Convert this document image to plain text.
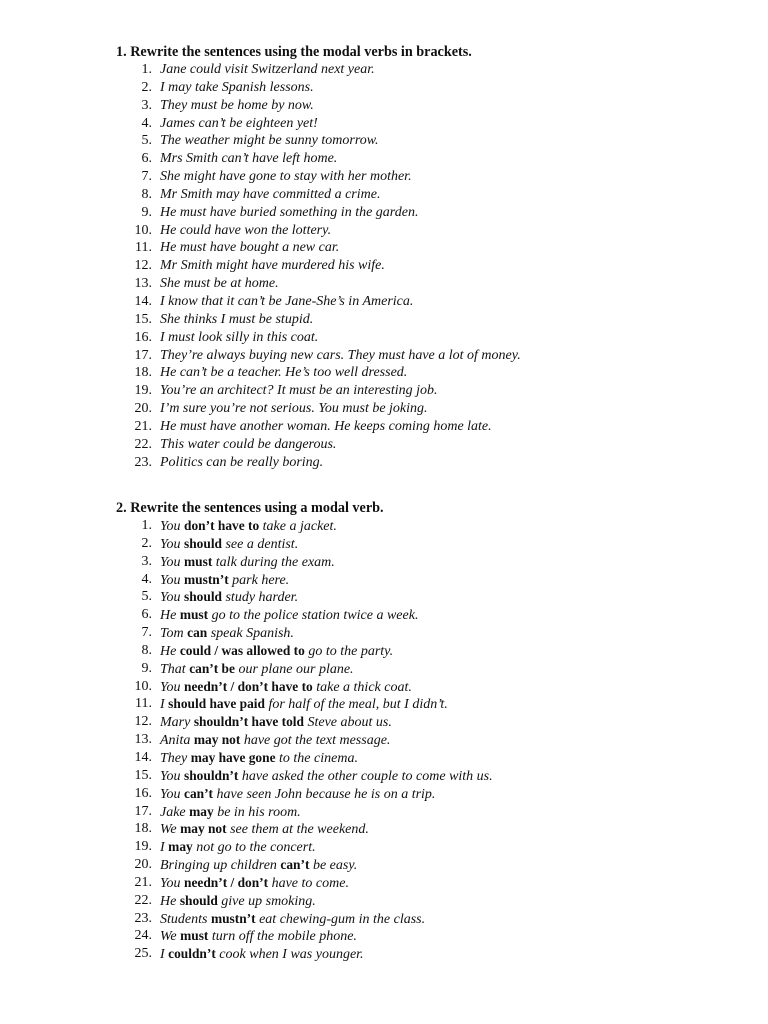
1. Rewrite the sentences using the modal verbs in brackets.
1. Jane could visit Switzerland next year.
2. I may take Spanish lessons.
3. They must be home by now.
4. James can’t be eighteen yet!
5. The weather might be sunny tomorrow.
6. Mrs Smith can’t have left home.
7. She might have gone to stay with her mother.
8. Mr Smith may have committed a crime.
9. He must have buried something in the garden.
10. He could have won the lottery.
11. He must have bought a new car.
12. Mr Smith might have murdered his wife.
13. She must be at home.
14. I know that it can’t be Jane-She’s in America.
15. She thinks I must be stupid.
16. I must look silly in this coat.
17. They’re always buying new cars. They must have a lot of money.
18. He can’t be a teacher. He’s too well dressed.
19. You’re an architect? It must be an interesting job.
20. I’m sure you’re not serious. You must be joking.
21. He must have another woman. He keeps coming home late.
22. This water could be dangerous.
23. Politics can be really boring.
2. Rewrite the sentences using a modal verb.
1. You don’t have to take a jacket.
2. You should see a dentist.
3. You must talk during the exam.
4. You mustn’t park here.
5. You should study harder.
6. He must go to the police station twice a week.
7. Tom can speak Spanish.
8. He could / was allowed to go to the party.
9. That can’t be our plane our plane.
10. You needn’t / don’t have to take a thick coat.
11. I should have paid for half of the meal, but I didn’t.
12. Mary shouldn’t have told Steve about us.
13. Anita may not have got the text message.
14. They may have gone to the cinema.
15. You shouldn’t have asked the other couple to come with us.
16. You can’t have seen John because he is on a trip.
17. Jake may be in his room.
18. We may not see them at the weekend.
19. I may not go to the concert.
20. Bringing up children can’t be easy.
21. You needn’t / don’t have to come.
22. He should give up smoking.
23. Students mustn’t eat chewing-gum in the class.
24. We must turn off the mobile phone.
25. I couldn’t cook when I was younger.
